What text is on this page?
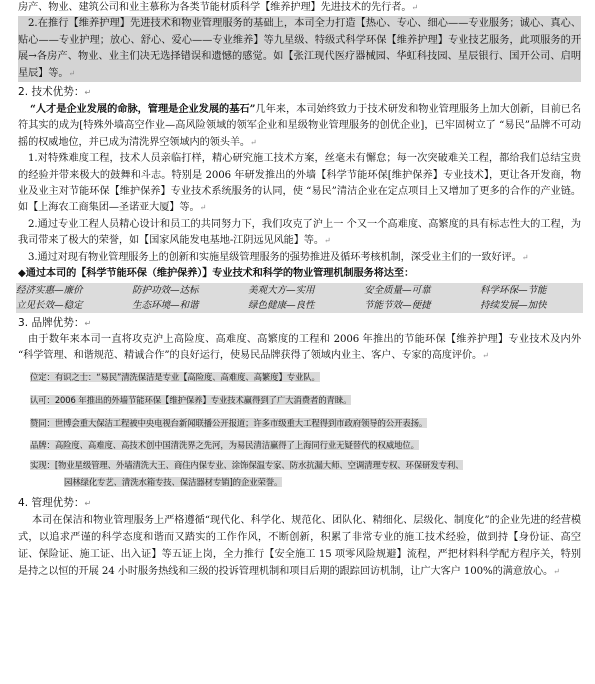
房产、物业、建筑公司和业主慕称为各类节能材质科学【维养护理】先进技术的先行者。↵

2.在推行【维养护理】先进技术和物业管理服务的基础上，本司全力打造【热心、专心、细心——专业服务；诚心、真心、贴心——专业护理；放心、舒心、爱心——专业维养】等九星级、特级式科学环保【维养护理】专业技艺服务，此项服务的开展→各房产、物业、业主们决无选择错误和遗憾的感觉。如【张江现代医疗器械园、华虹科技园、星辰银行、国开公司、启明星辰】等。↵

2. 技术优势：↵

“人才是企业发展的命脉，管理是企业发展的基石”几年来，本司始终致力于技术研发和物业管理服务上加大创新，目前已名符其实的成为[特殊外墙高空作业—高风险领域的领军企业和星级物业管理服务的创优企业]，已牢固树立了 “易民”品牌不可动摇的权威地位，并已成为清洗界空领域内的领头羊。↵

1.对特殊难度工程，技术人员亲临打样，精心研究施工技术方案，丝毫未有懈怠；每一次突破难关工程，都给我们总结宝贵的经验并带来极大的鼓舞和斗志。特别是 2006 年研发推出的外墙【科学节能环保[维护保养】专业技术】，更让各开发商，物业及业主对节能环保【维护保养】专业技术系统服务的认同，使 “易民”清洁企业在定点项目上又增加了更多的合作的产业链。如【上海农工商集团—圣诺亚大厦】等。↵

2.通过专业工程人员精心设计和员工的共同努力下，我们攻克了沪上一 个又一个高难度、高繁度的具有标志性大的工程，为我司带来了极大的荣誉，如【国家风能发电基地-江阴远见风能】等。↵

3.通过对现有物业管理服务上的创新和实施星级管理服务的强势推进及循环考核机制，深受业主们的一致好评。↵

◆通过本司的【科学节能环保（维护保养）】专业技术和科学的物业管理机制服务将达至：

经济实惠—廉价	防护功效—达标	美观大方—实用	安全质量—可靠	科学环保—节能

立见长效—稳定	生态环境—和谐	绿色健康—良性	节能节效—便捷	持续发展—加快

3. 品牌优势：↵

由于数年来本司一直将攻克沪上高险度、高难度、高繁度的工程和 2006 年推出的节能环保【维养护理】专业技术及内外 “科学管理、和谐规范、精诚合作”的良好运行，使易民品牌获得了领域内业主、客户、专家的高度评价。↵

位定：有识之士：“易民”清洗保洁是专业【高险度、高难度、高繁度】专业队。

认可：2006 年推出的外墙节能环保【维护保养】专业技术赢得到了广大消费者的青睐。

赞同：世博会重大保洁工程被中央电视台新闻联播公开报道；许多市级重大工程得到市政府领导的公开表扬。

品牌：高险度、高难度、高技术创中国清洗界之先河，为易民清洁赢得了上海同行业无疑替代的权威地位。

实现：[物业星级管理、外墙清洗大王、商住内保专业、涂饰保温专家、防水抗漏大师、空调清理专权、环保研发专利、

园林绿化专艺、清洗水箱专技、保洁器材专销]的企业荣誉。

4. 管理优势：↵

本司在保洁和物业管理服务上严格遵循“现代化、科学化、规范化、团队化、精细化、层级化、制度化”的企业先进的经营模式，以追求严谨的科学态度和谐而又踏实的工作作风，不断创新，积累了非常专业的施工技术经验，做到持【身份证、高空证、保险证、施工证、出入证】等五证上岗，全力推行【安全施工 15 项零风险规避】流程，严把材料科学配方程序关，特别是持之以恒的开展 24 小时服务热线和三级的投诉管理机制和项目后期的跟踪回访机制，让广大客户 100%的满意放心。↵
